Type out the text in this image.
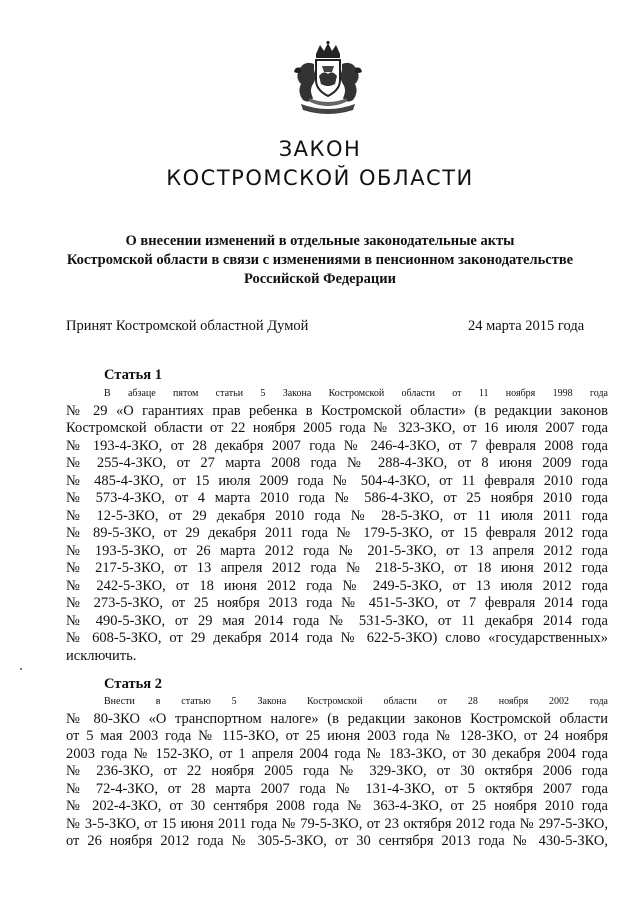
ЗАКОН
КОСТРОМСКОЙ ОБЛАСТИ
О внесении изменений в отдельные законодательные акты
Костромской области в связи с изменениями в пенсионном законодательстве
Российской Федерации
Принят Костромской областной Думой	24 марта 2015 года
Статья 1
В абзаце пятом статьи 5 Закона Костромской области от 11 ноября 1998 года
№ 29 «О гарантиях прав ребенка в Костромской области» (в редакции законов
Костромской области от 22 ноября 2005 года № 323-ЗКО, от 16 июля 2007 года
№ 193-4-ЗКО, от 28 декабря 2007 года № 246-4-ЗКО, от 7 февраля 2008 года
№ 255-4-ЗКО, от 27 марта 2008 года № 288-4-ЗКО, от 8 июня 2009 года
№ 485-4-ЗКО, от 15 июля 2009 года № 504-4-ЗКО, от 11 февраля 2010 года
№ 573-4-ЗКО, от 4 марта 2010 года № 586-4-ЗКО, от 25 ноября 2010 года
№ 12-5-ЗКО, от 29 декабря 2010 года № 28-5-ЗКО, от 11 июля 2011 года
№ 89-5-ЗКО, от 29 декабря 2011 года № 179-5-ЗКО, от 15 февраля 2012 года
№ 193-5-ЗКО, от 26 марта 2012 года № 201-5-ЗКО, от 13 апреля 2012 года
№ 217-5-ЗКО, от 13 апреля 2012 года № 218-5-ЗКО, от 18 июня 2012 года
№ 242-5-ЗКО, от 18 июня 2012 года № 249-5-ЗКО, от 13 июля 2012 года
№ 273-5-ЗКО, от 25 ноября 2013 года № 451-5-ЗКО, от 7 февраля 2014 года
№ 490-5-ЗКО, от 29 мая 2014 года № 531-5-ЗКО, от 11 декабря 2014 года
№ 608-5-ЗКО, от 29 декабря 2014 года № 622-5-ЗКО) слово «государственных»
исключить.
Статья 2
Внести в статью 5 Закона Костромской области от 28 ноября 2002 года
№ 80-ЗКО «О транспортном налоге» (в редакции законов Костромской области
от 5 мая 2003 года № 115-ЗКО, от 25 июня 2003 года № 128-ЗКО, от 24 ноября
2003 года № 152-ЗКО, от 1 апреля 2004 года № 183-ЗКО, от 30 декабря 2004 года
№ 236-ЗКО, от 22 ноября 2005 года № 329-ЗКО, от 30 октября 2006 года
№ 72-4-ЗКО, от 28 марта 2007 года № 131-4-ЗКО, от 5 октября 2007 года
№ 202-4-ЗКО, от 30 сентября 2008 года № 363-4-ЗКО, от 25 ноября 2010 года
№ 3-5-ЗКО, от 15 июня 2011 года № 79-5-ЗКО, от 23 октября 2012 года № 297-5-ЗКО,
от 26 ноября 2012 года № 305-5-ЗКО, от 30 сентября 2013 года № 430-5-ЗКО,
